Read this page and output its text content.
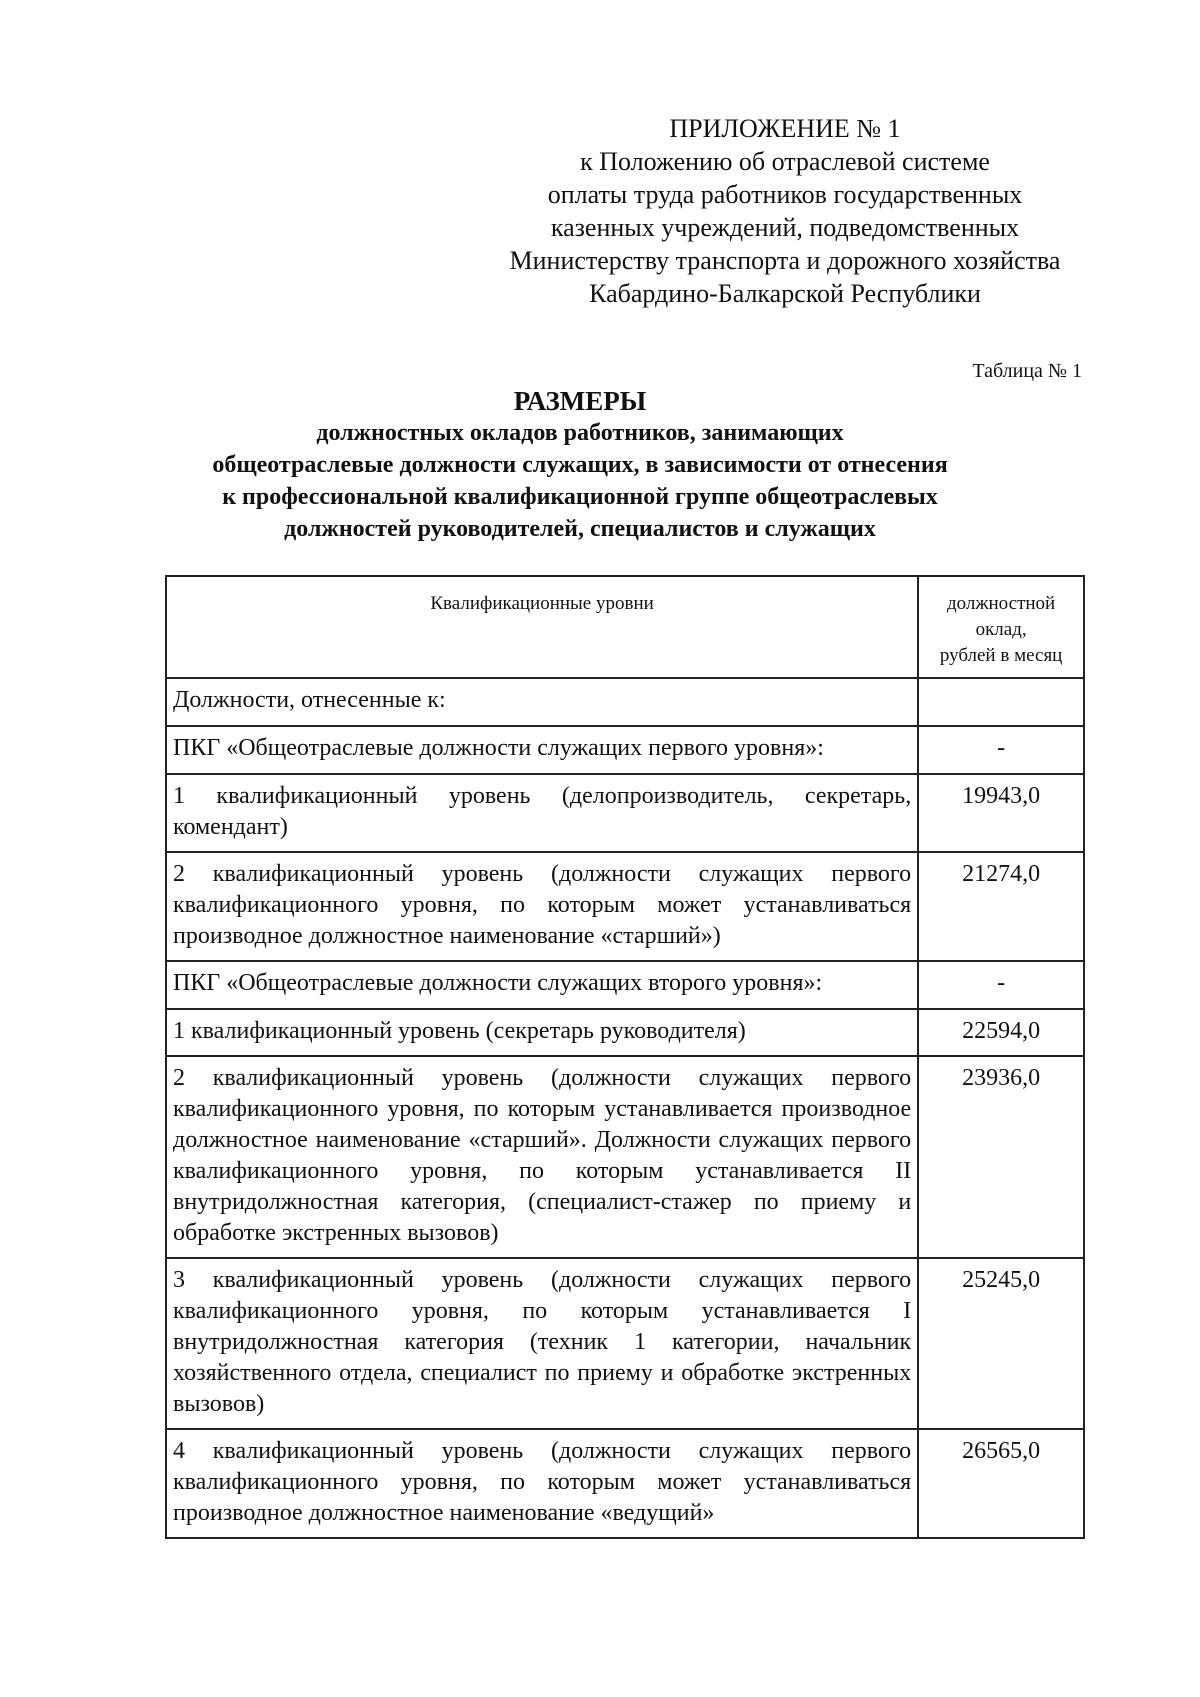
ПРИЛОЖЕНИЕ № 1
к Положению об отраслевой системе
оплаты труда работников государственных
казенных учреждений, подведомственных
Министерству транспорта и дорожного хозяйства
Кабардино-Балкарской Республики
Таблица № 1
РАЗМЕРЫ
должностных окладов работников, занимающих
общеотраслевые должности служащих, в зависимости от отнесения
к профессиональной квалификационной группе общеотраслевых
должностей руководителей, специалистов и служащих
Квалификационные уровни	должностной
оклад,
рублей в месяц

Должности, отнесенные к:	
ПКГ «Общеотраслевые должности служащих первого уровня»:	-
1 квалификационный уровень (делопроизводитель, секретарь, комендант)	19943,0
2 квалификационный уровень (должности служащих первого квалификационного уровня, по которым может устанавливаться производное должностное наименование «старший»)	21274,0
ПКГ «Общеотраслевые должности служащих второго уровня»:	-
1 квалификационный уровень (секретарь руководителя)	22594,0
2 квалификационный уровень (должности служащих первого квалификационного уровня, по которым устанавливается производное должностное наименование «старший». Должности служащих первого квалификационного уровня, по которым устанавливается II внутридолжностная категория, (специалист-стажер по приему и обработке экстренных вызовов)	23936,0
3 квалификационный уровень (должности служащих первого квалификационного уровня, по которым устанавливается I внутридолжностная категория (техник 1 категории, начальник хозяйственного отдела, специалист по приему и обработке экстренных вызовов)	25245,0
4 квалификационный уровень (должности служащих первого квалификационного уровня, по которым может устанавливаться производное должностное наименование «ведущий»	26565,0
